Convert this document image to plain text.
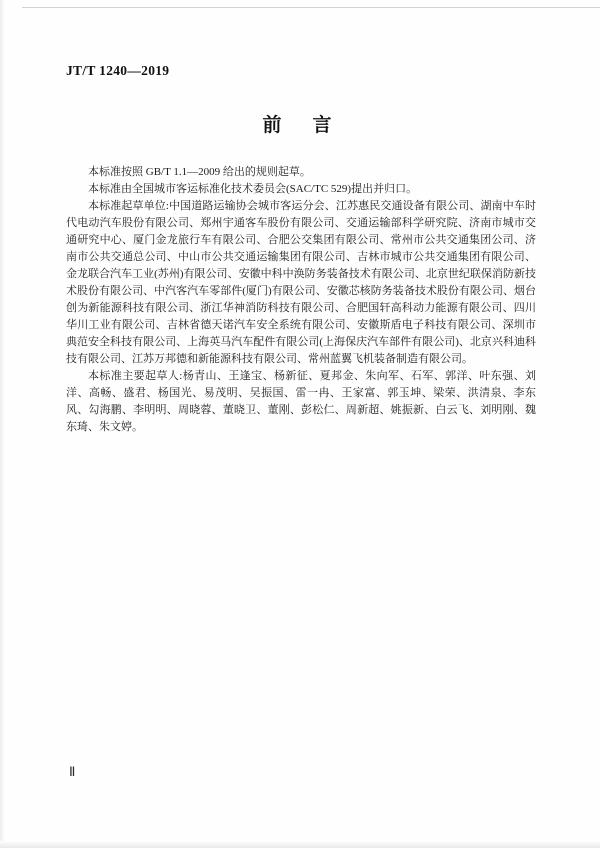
JT/T 1240—2019
前　言

本标准按照 GB/T 1.1—2009 给出的规则起草。

本标准由全国城市客运标准化技术委员会(SAC/TC 529)提出并归口。

本标准起草单位:中国道路运输协会城市客运分会、江苏惠民交通设备有限公司、湖南中车时代电动汽车股份有限公司、郑州宇通客车股份有限公司、交通运输部科学研究院、济南市城市交通研究中心、厦门金龙旅行车有限公司、合肥公交集团有限公司、常州市公共交通集团公司、济南市公共交通总公司、中山市公共交通运输集团有限公司、吉林市城市公共交通集团有限公司、金龙联合汽车工业(苏州)有限公司、安徽中科中涣防务装备技术有限公司、北京世纪联保消防新技术股份有限公司、中汽客汽车零部件(厦门)有限公司、安徽芯核防务装备技术股份有限公司、烟台创为新能源科技有限公司、浙江华神消防科技有限公司、合肥国轩高科动力能源有限公司、四川华川工业有限公司、吉林省德天诺汽车安全系统有限公司、安徽斯盾电子科技有限公司、深圳市典范安全科技有限公司、上海英马汽车配件有限公司(上海保庆汽车部件有限公司)、北京兴科迪科技有限公司、江苏万邦德和新能源科技有限公司、常州蓝翼飞机装备制造有限公司。

本标准主要起草人:杨青山、王逢宝、杨新征、夏邦金、朱向军、石军、郭洋、叶东强、刘洋、高畅、盛君、杨国光、易茂明、吴振国、雷一冉、王家富、郭玉坤、梁荣、洪清泉、李东风、勾海鹏、李明明、周晓蓉、董晓卫、董刚、彭松仁、周新超、姚振新、白云飞、刘明刚、魏东琦、朱文婷。

Ⅱ
